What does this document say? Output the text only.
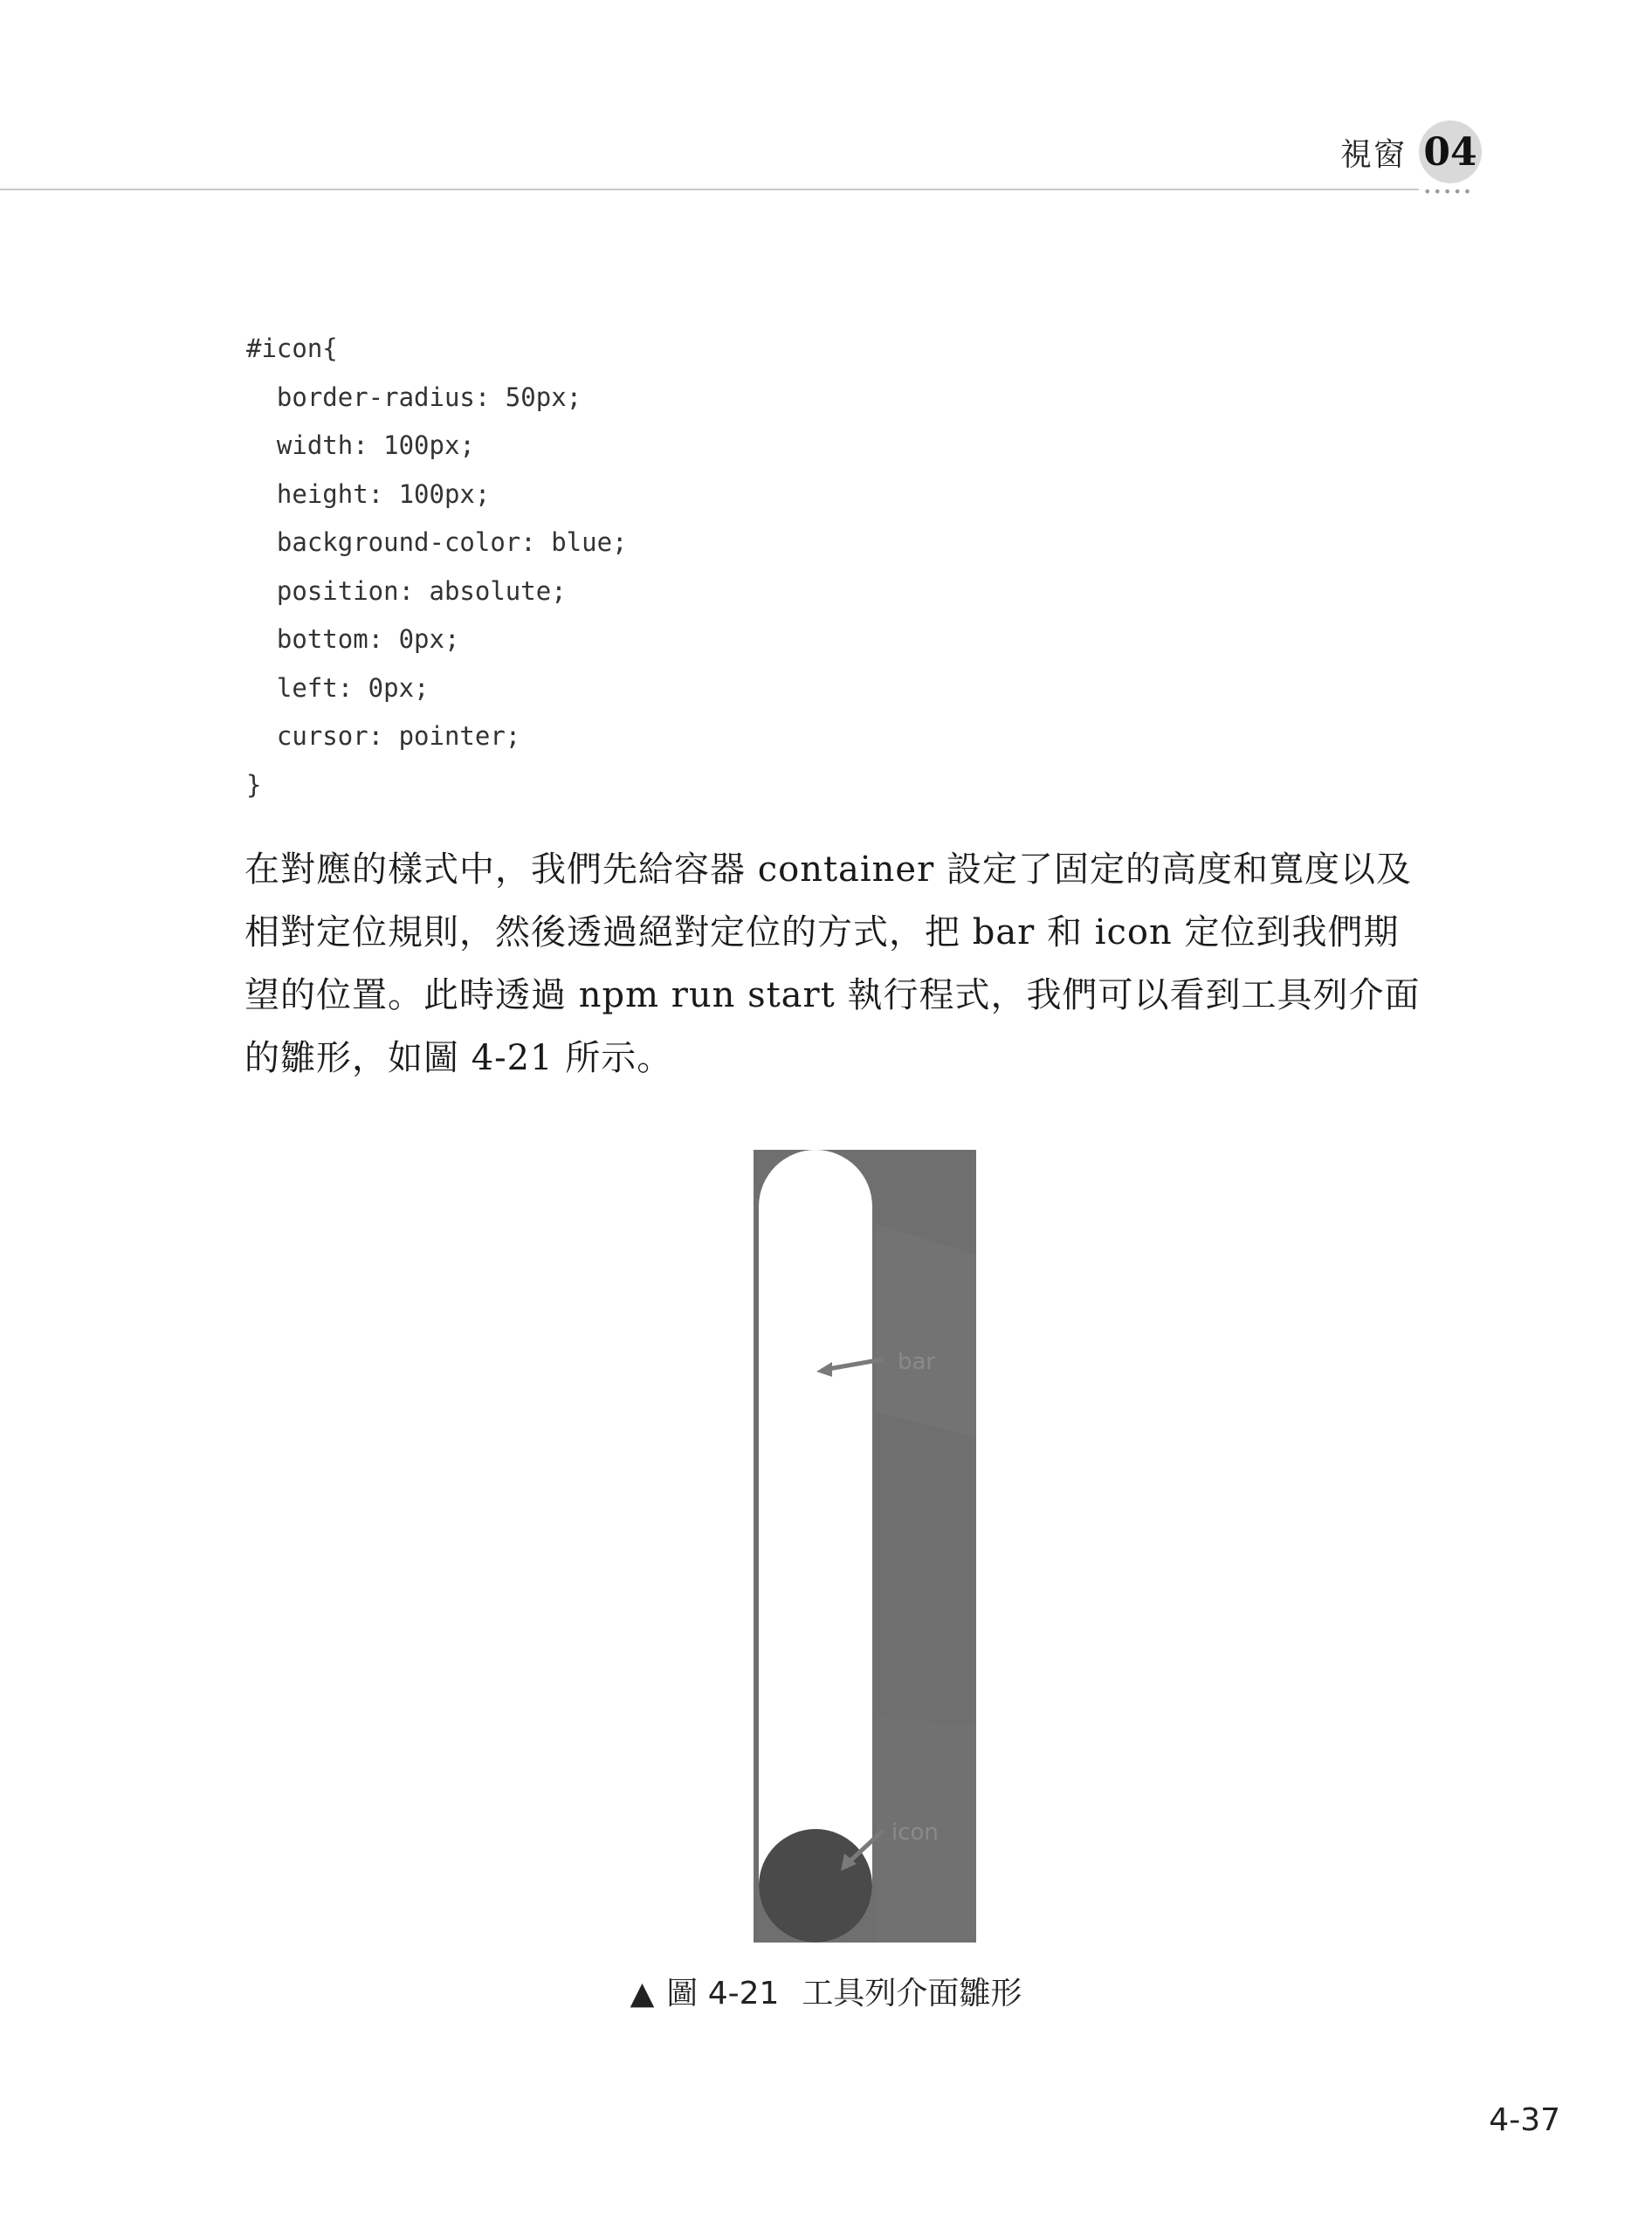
視窗 04
•••••
#icon{
border-radius: 50px;
width: 100px;
height: 100px;
background-color: blue;
position: absolute;
bottom: 0px;
left: 0px;
cursor: pointer;
}
在對應的樣式中，我們先給容器 container 設定了固定的高度和寬度以及
相對定位規則，然後透過絕對定位的方式，把 bar 和 icon 定位到我們期
望的位置。此時透過 npm run start 執行程式，我們可以看到工具列介面
的雛形，如圖 4-21 所示。
bar
icon
▲ 圖 4-21 工具列介面雛形
4-37
